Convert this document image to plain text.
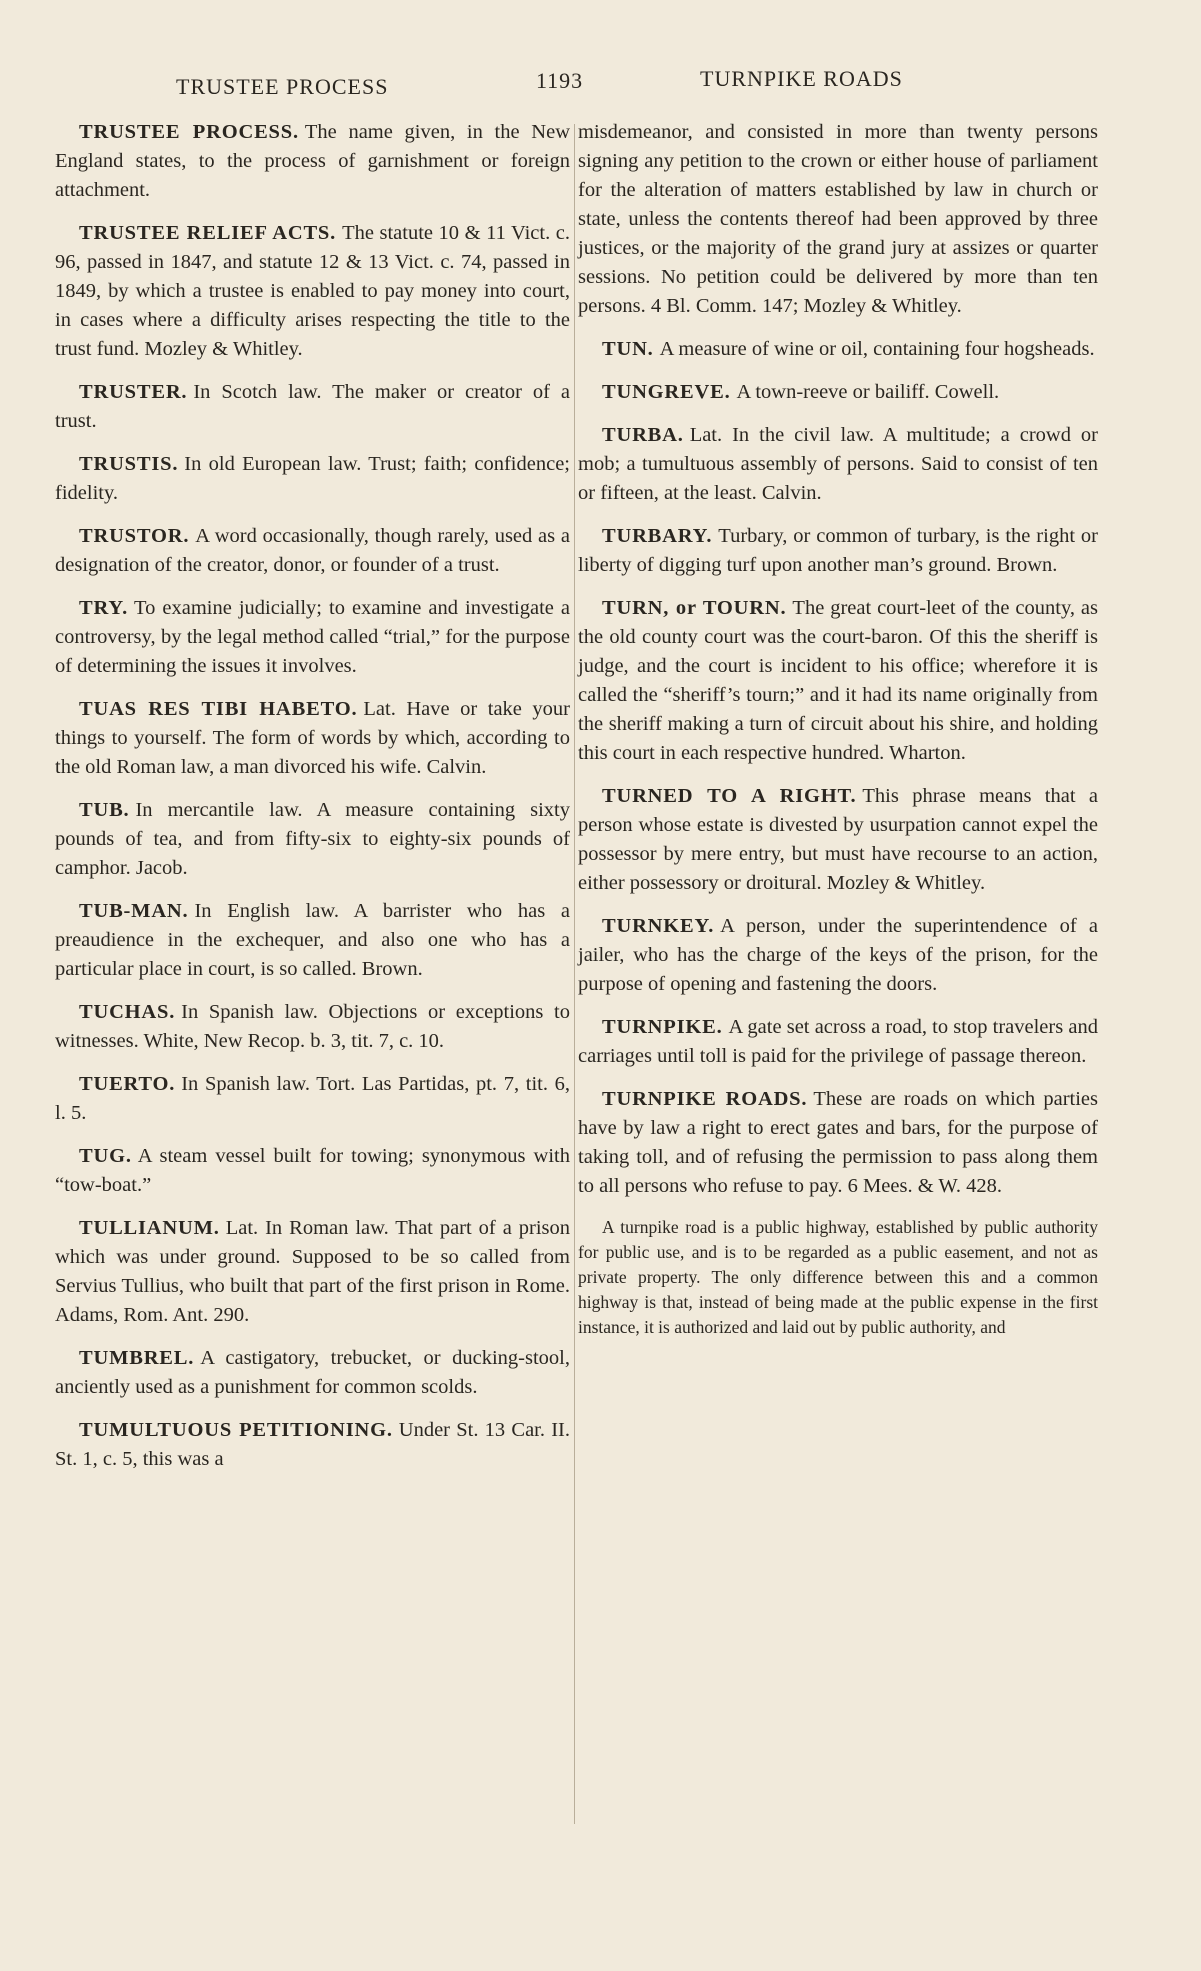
TRUSTEE PROCESS	1193	TURNPIKE ROADS

TRUSTEE PROCESS. The name given, in the New England states, to the process of garnishment or foreign attachment.

TRUSTEE RELIEF ACTS. The statute 10 & 11 Vict. c. 96, passed in 1847, and statute 12 & 13 Vict. c. 74, passed in 1849, by which a trustee is enabled to pay money into court, in cases where a difficulty arises respecting the title to the trust fund. Mozley & Whitley.

TRUSTER. In Scotch law. The maker or creator of a trust.

TRUSTIS. In old European law. Trust; faith; confidence; fidelity.

TRUSTOR. A word occasionally, though rarely, used as a designation of the creator, donor, or founder of a trust.

TRY. To examine judicially; to examine and investigate a controversy, by the legal method called “trial,” for the purpose of determining the issues it involves.

TUAS RES TIBI HABETO. Lat. Have or take your things to yourself. The form of words by which, according to the old Roman law, a man divorced his wife. Calvin.

TUB. In mercantile law. A measure containing sixty pounds of tea, and from fifty-six to eighty-six pounds of camphor. Jacob.

TUB-MAN. In English law. A barrister who has a preaudience in the exchequer, and also one who has a particular place in court, is so called. Brown.

TUCHAS. In Spanish law. Objections or exceptions to witnesses. White, New Recop. b. 3, tit. 7, c. 10.

TUERTO. In Spanish law. Tort. Las Partidas, pt. 7, tit. 6, l. 5.

TUG. A steam vessel built for towing; synonymous with “tow-boat.”

TULLIANUM. Lat. In Roman law. That part of a prison which was under ground. Supposed to be so called from Servius Tullius, who built that part of the first prison in Rome. Adams, Rom. Ant. 290.

TUMBREL. A castigatory, trebucket, or ducking-stool, anciently used as a punishment for common scolds.

TUMULTUOUS PETITIONING. Under St. 13 Car. II. St. 1, c. 5, this was a

misdemeanor, and consisted in more than twenty persons signing any petition to the crown or either house of parliament for the alteration of matters established by law in church or state, unless the contents thereof had been approved by three justices, or the majority of the grand jury at assizes or quarter sessions. No petition could be delivered by more than ten persons. 4 Bl. Comm. 147; Mozley & Whitley.

TUN. A measure of wine or oil, containing four hogsheads.

TUNGREVE. A town-reeve or bailiff. Cowell.

TURBA. Lat. In the civil law. A multitude; a crowd or mob; a tumultuous assembly of persons. Said to consist of ten or fifteen, at the least. Calvin.

TURBARY. Turbary, or common of turbary, is the right or liberty of digging turf upon another man’s ground. Brown.

TURN, or TOURN. The great court-leet of the county, as the old county court was the court-baron. Of this the sheriff is judge, and the court is incident to his office; wherefore it is called the “sheriff’s tourn;” and it had its name originally from the sheriff making a turn of circuit about his shire, and holding this court in each respective hundred. Wharton.

TURNED TO A RIGHT. This phrase means that a person whose estate is divested by usurpation cannot expel the possessor by mere entry, but must have recourse to an action, either possessory or droitural. Mozley & Whitley.

TURNKEY. A person, under the superintendence of a jailer, who has the charge of the keys of the prison, for the purpose of opening and fastening the doors.

TURNPIKE. A gate set across a road, to stop travelers and carriages until toll is paid for the privilege of passage thereon.

TURNPIKE ROADS. These are roads on which parties have by law a right to erect gates and bars, for the purpose of taking toll, and of refusing the permission to pass along them to all persons who refuse to pay. 6 Mees. & W. 428.

A turnpike road is a public highway, established by public authority for public use, and is to be regarded as a public easement, and not as private property. The only difference between this and a common highway is that, instead of being made at the public expense in the first instance, it is authorized and laid out by public authority, and
